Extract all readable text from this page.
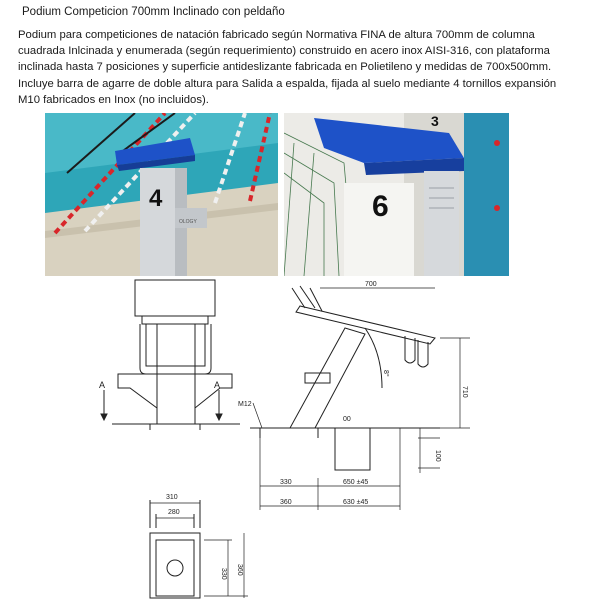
Podium Competicion 700mm Inclinado con peldaño
Podium para competiciones de natación fabricado según Normativa FINA de altura 700mm de columna
cuadrada Inlcinada y enumerada (según requerimiento) construido en acero inox AISI-316, con plataforma
inclinada hasta 7 posiciones y superficie antideslizante fabricada en Polietileno y medidas de 700x500mm.
Incluye barra de agarre de doble altura para Salida a espalda, fijada al suelo mediante 4 tornillos expansión
M10 fabricados en Inox (no incluidos).
4
OLOGY	6
3
A	A
700
710
M12
8°
00
100
330	650 ±45
360	630 ±45
310
280
330 360
